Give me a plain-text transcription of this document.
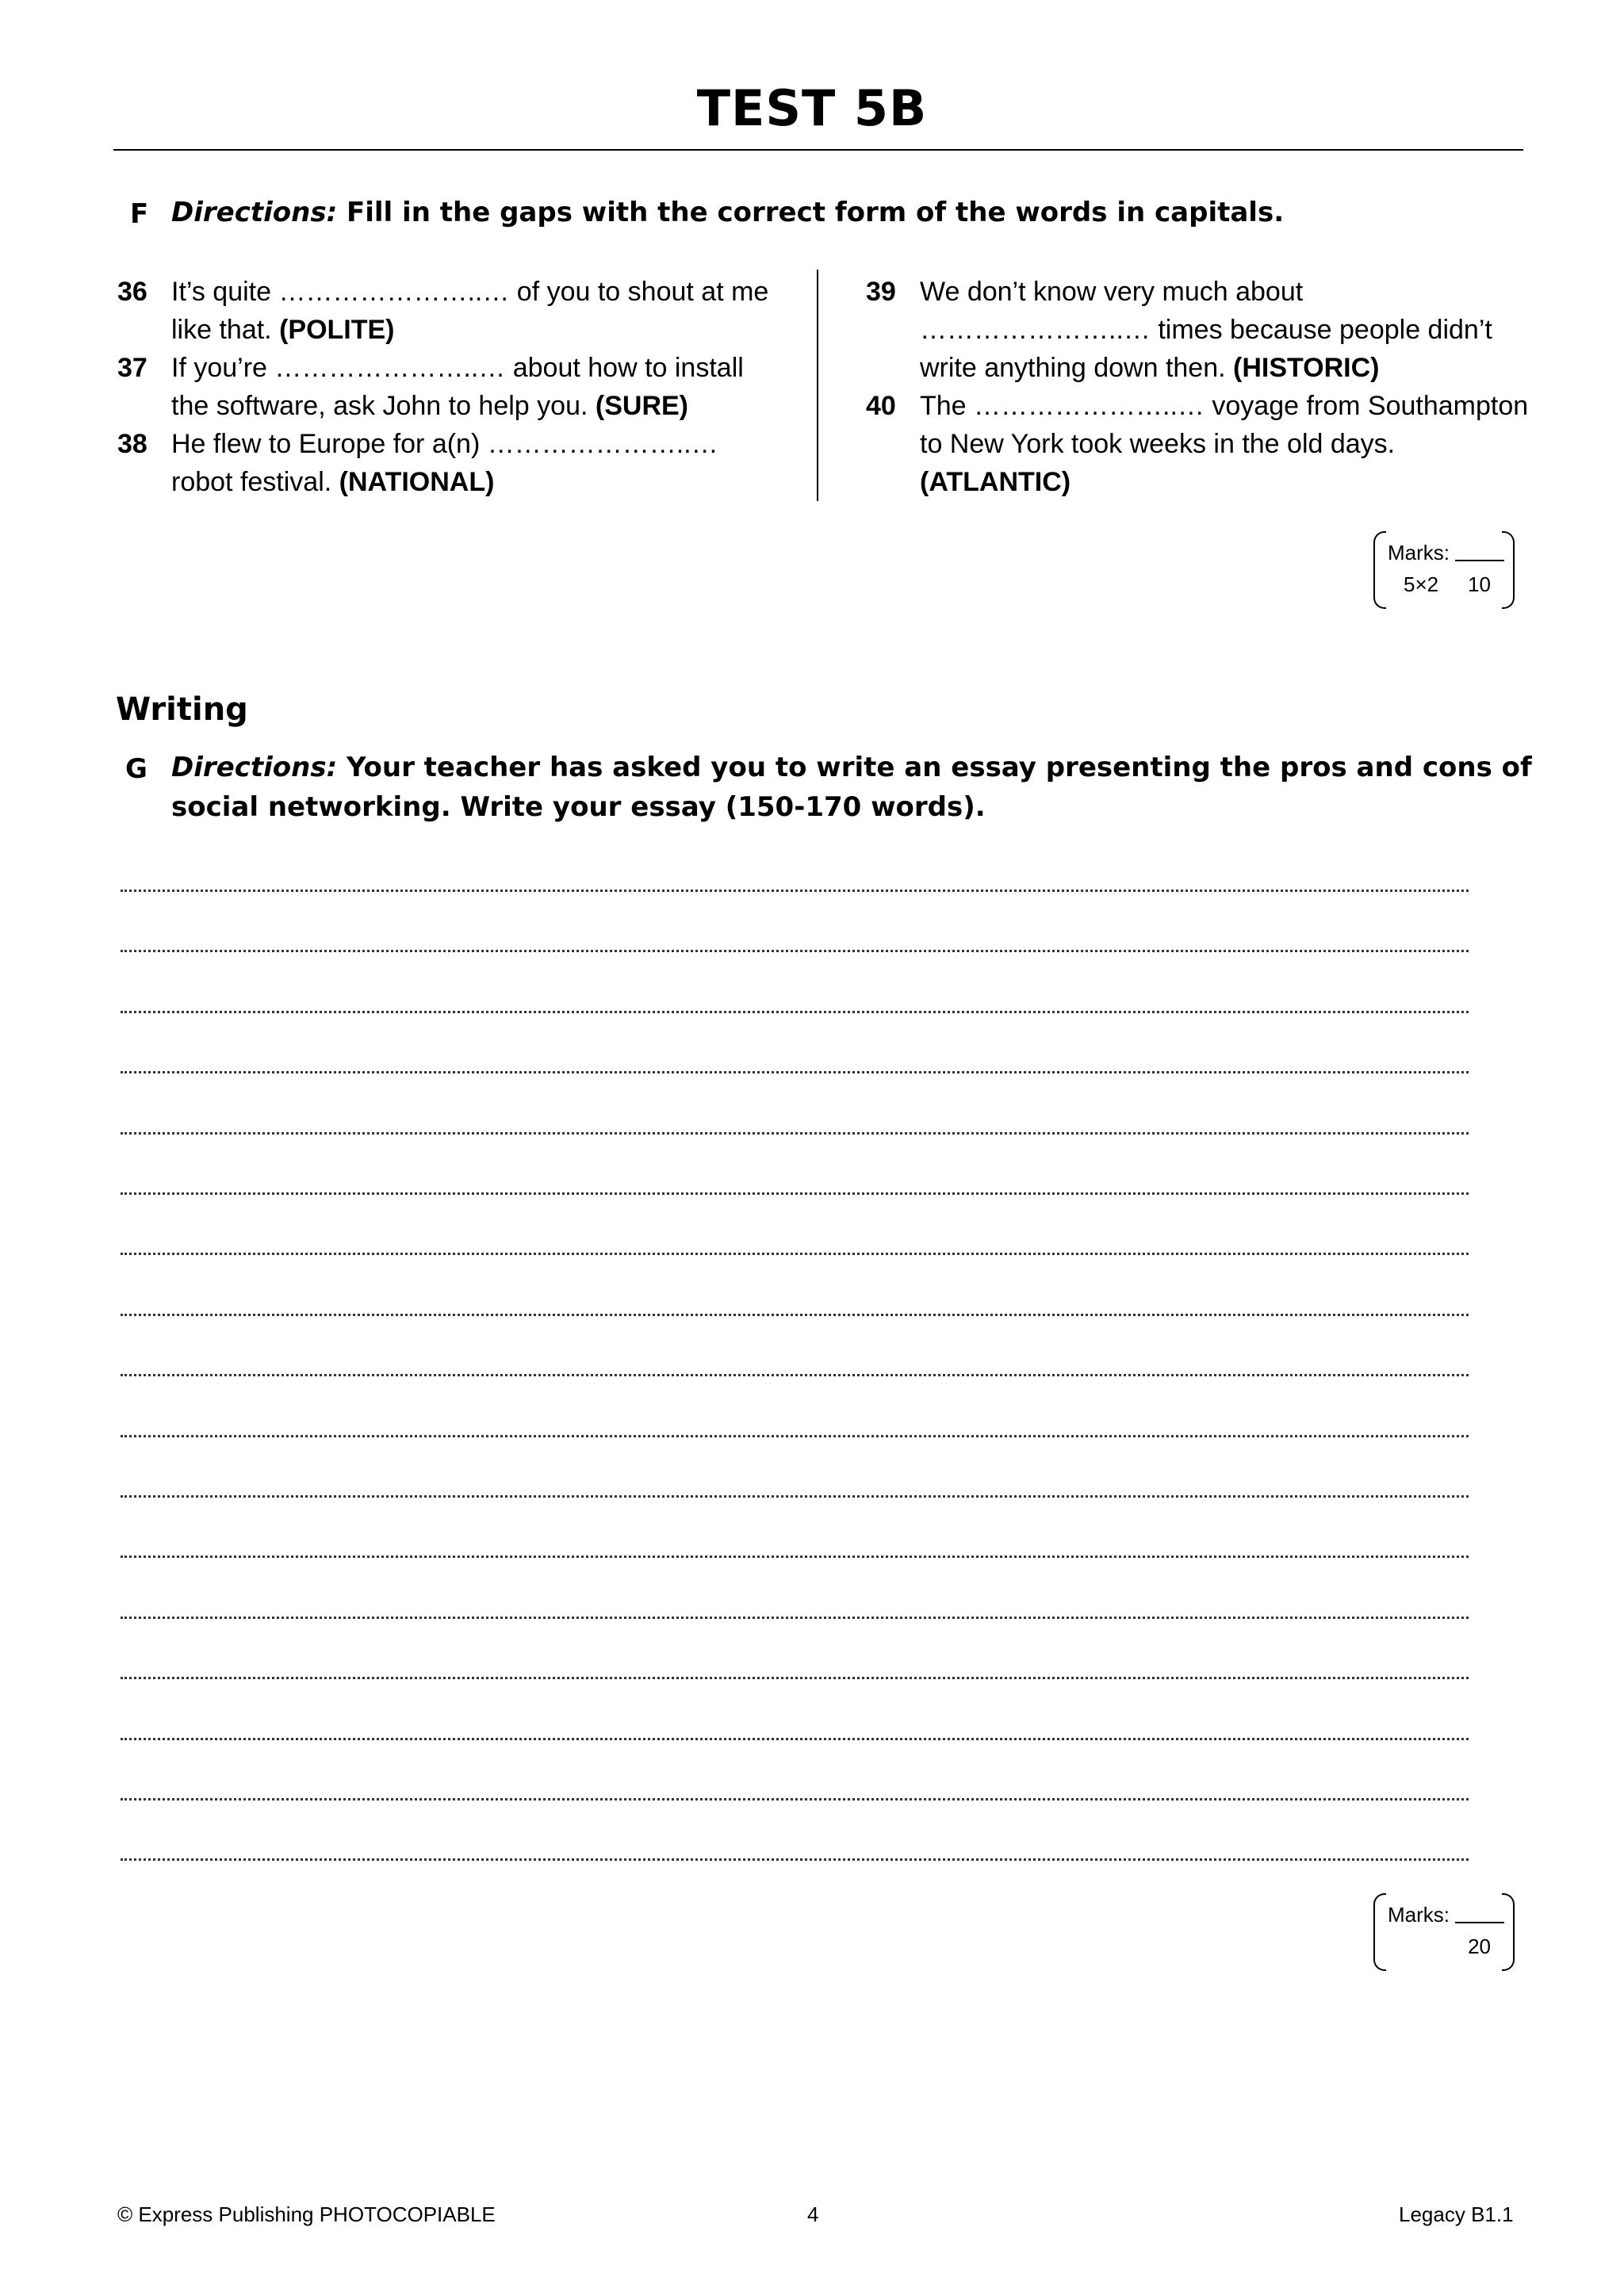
TEST 5B
F Directions: Fill in the gaps with the correct form of the words in capitals.
36 It’s quite …………………..… of you to shout at me
like that. (POLITE)
37 If you’re …………………..… about how to install
the software, ask John to help you. (SURE)
38 He flew to Europe for a(n) …………………..…
robot festival. (NATIONAL)
39 We don’t know very much about
…………………..… times because people didn’t
write anything down then. (HISTORIC)
40 The …………………..… voyage from Southampton
to New York took weeks in the old days.
(ATLANTIC)
Marks:
5×2 10
Writing
G Directions: Your teacher has asked you to write an essay presenting the pros and cons of
social networking. Write your essay (150-170 words).
Marks:
20
© Express Publishing PHOTOCOPIABLE	4	Legacy B1.1
